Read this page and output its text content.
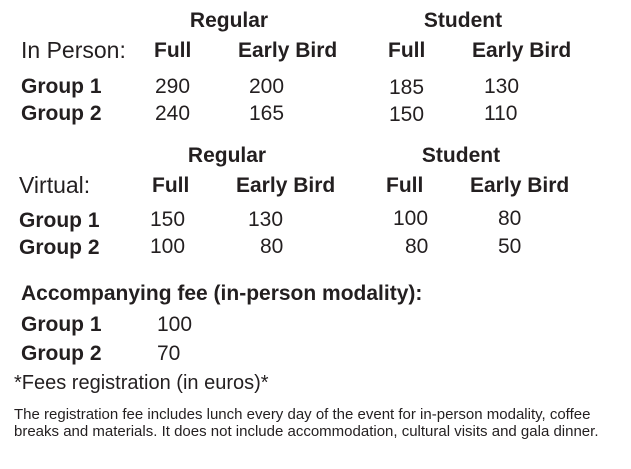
Regular	Student
In Person: Full Early Bird Full Early Bird
Group 1	290	200	185	130
Group 2	240	165	150	110
Regular	Student
Virtual:	Full Early Bird Full Early Bird
Group 1 150	130	100	80
Group 2 100	80	80	50
Accompanying fee (in-person modality):
Group 1	100
Group 2	70
*Fees registration (in euros)*
The registration fee includes lunch every day of the event for in-person modality, coffee breaks and materials. It does not include accommodation, cultural visits and gala dinner.
